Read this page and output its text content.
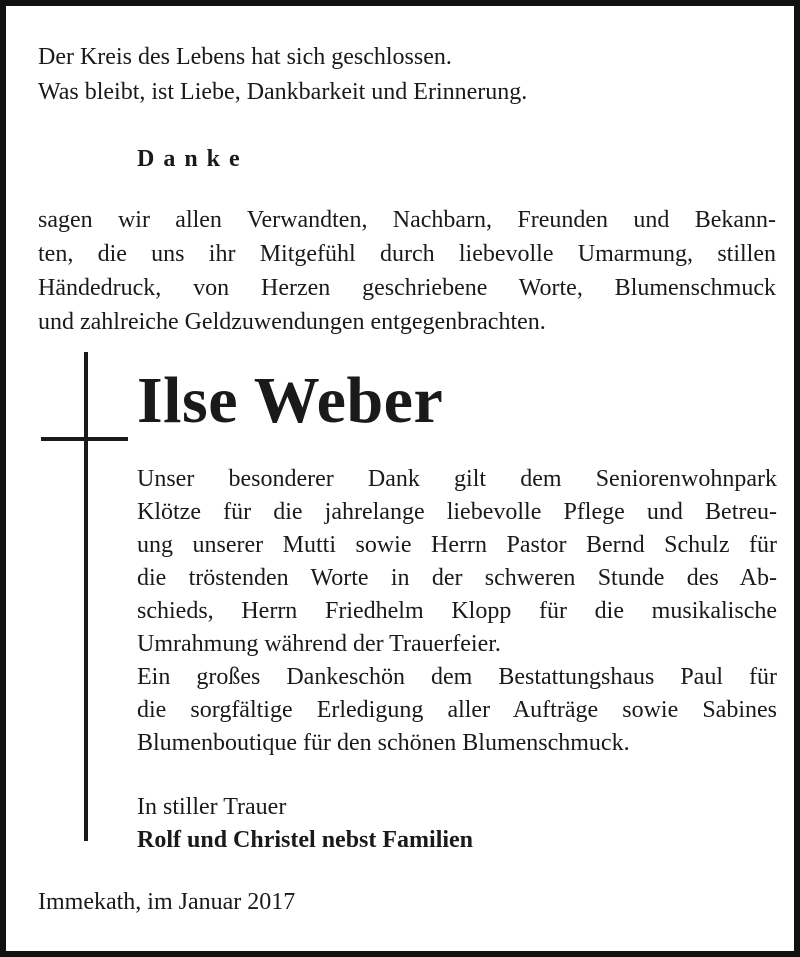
Der Kreis des Lebens hat sich geschlossen.
Was bleibt, ist Liebe, Dankbarkeit und Erinnerung.
Danke
sagen wir allen Verwandten, Nachbarn, Freunden und Bekann-
ten, die uns ihr Mitgefühl durch liebevolle Umarmung, stillen
Händedruck, von Herzen geschriebene Worte, Blumenschmuck
und zahlreiche Geldzuwendungen entgegenbrachten.
Ilse Weber
Unser besonderer Dank gilt dem Seniorenwohnpark
Klötze für die jahrelange liebevolle Pflege und Betreu-
ung unserer Mutti sowie Herrn Pastor Bernd Schulz für
die tröstenden Worte in der schweren Stunde des Ab-
schieds, Herrn Friedhelm Klopp für die musikalische
Umrahmung während der Trauerfeier.
Ein großes Dankeschön dem Bestattungshaus Paul für
die sorgfältige Erledigung aller Aufträge sowie Sabines
Blumenboutique für den schönen Blumenschmuck.
In stiller Trauer
Rolf und Christel nebst Familien
Immekath, im Januar 2017
